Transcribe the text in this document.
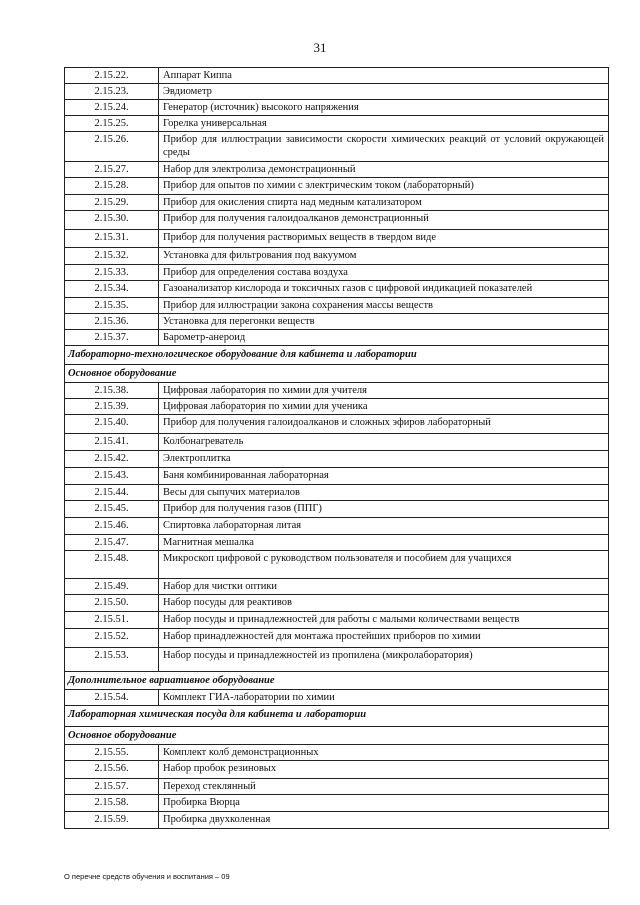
31
2.15.22.	Аппарат Киппа
2.15.23.	Эвдиометр
2.15.24.	Генератор (источник) высокого напряжения
2.15.25.	Горелка универсальная
2.15.26.	Прибор для иллюстрации зависимости скорости химических реакций от условий окружающей среды
2.15.27.	Набор для электролиза демонстрационный
2.15.28.	Прибор для опытов по химии с электрическим током (лабораторный)
2.15.29.	Прибор для окисления спирта над медным катализатором
2.15.30.	Прибор для получения галоидоалканов демонстрационный
2.15.31.	Прибор для получения растворимых веществ в твердом виде
2.15.32.	Установка для фильтрования под вакуумом
2.15.33.	Прибор для определения состава воздуха
2.15.34.	Газоанализатор кислорода и токсичных газов с цифровой индикацией показателей
2.15.35.	Прибор для иллюстрации закона сохранения массы веществ
2.15.36.	Установка для перегонки веществ
2.15.37.	Барометр-анероид
Лабораторно-технологическое оборудование для кабинета и лаборатории	
Основное оборудование	
2.15.38.	Цифровая лаборатория по химии для учителя
2.15.39.	Цифровая лаборатория по химии для ученика
2.15.40.	Прибор для получения галоидоалканов и сложных эфиров лабораторный
2.15.41.	Колбонагреватель
2.15.42.	Электроплитка
2.15.43.	Баня комбинированная лабораторная
2.15.44.	Весы для сыпучих материалов
2.15.45.	Прибор для получения газов (ППГ)
2.15.46.	Спиртовка лабораторная литая
2.15.47.	Магнитная мешалка
2.15.48.	Микроскоп цифровой с руководством пользователя и пособием для учащихся
2.15.49.	Набор для чистки оптики
2.15.50.	Набор посуды для реактивов
2.15.51.	Набор посуды и принадлежностей для работы с малыми количествами веществ
2.15.52.	Набор принадлежностей для монтажа простейших приборов по химии
2.15.53.	Набор посуды и принадлежностей из пропилена (микролаборатория)
Дополнительное вариативное оборудование	
2.15.54.	Комплект ГИА-лаборатории по химии
Лабораторная химическая посуда для кабинета и лаборатории	
Основное оборудование	
2.15.55.	Комплект колб демонстрационных
2.15.56.	Набор пробок резиновых
2.15.57.	Переход стеклянный
2.15.58.	Пробирка Вюрца
2.15.59.	Пробирка двухколенная
О перечне средств обучения и воспитания – 09
